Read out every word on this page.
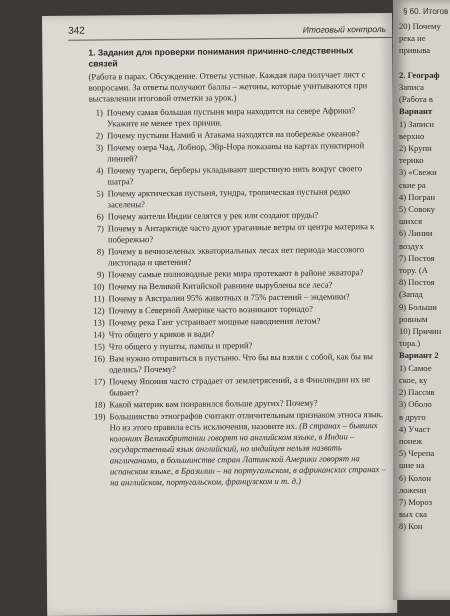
342	Итоговый контроль
1. Задания для проверки понимания причинно-следственных связей
(Работа в парах. Обсуждение. Ответы устные. Каждая пара получает лист с вопросами. За ответы получают баллы – жетоны, которые учитываются при выставлении итоговой отметки за урок.)
1) Почему самая большая пустыня мира находится на севере Африки? Укажите не менее трех причин.
2) Почему пустыни Намиб и Атакама находятся на побережье океанов?
3) Почему озера Чад, Лобнор, Эйр-Нора показаны на картах пунктирной линией?
4) Почему туареги, берберы укладывают шерстяную нить вокруг своего шатра?
5) Почему арктическая пустыня, тундра, тропическая пустыня редко заселены?
6) Почему жители Индии селятся у рек или создают пруды?
7) Почему в Антарктиде часто дуют ураганные ветры от центра материка к побережью?
8) Почему в вечнозеленых экваториальных лесах нет периода массового листопада и цветения?
9) Почему самые полноводные реки мира протекают в районе экватора?
10) Почему на Великой Китайской равнине вырублены все леса?
11) Почему в Австралии 95% животных и 75% растений – эндемики?
12) Почему в Северной Америке часто возникают торнадо?
13) Почему река Ганг устраивает мощные наводнения летом?
14) Что общего у криков и вади?
15) Что общего у пушты, пампы и прерий?
16) Вам нужно отправиться в пустыню. Что бы вы взяли с собой, как бы вы оделись? Почему?
17) Почему Япония часто страдает от землетрясений, а в Финляндии их не бывает?
18) Какой материк вам понравился больше других? Почему?
19) Большинство этнографов считают отличительным признаком этноса язык. Но из этого правила есть исключения, назовите их. (В странах – бывших колониях Великобритании говорят на английском языке, в Индии – государственный язык английский, но индийцев нельзя назвать англичанами, в большинстве стран Латинской Америки говорят на испанском языке, в Бразилии – на португальском, в африканских странах – на английском, португальском, французском и т. д.)
§ 60. Итогов
20) Почему
река не
привыва

2. Географ
Записа
(Работа в
Вариант
1) Записн
верхно
2) Крупн
терико
3) «Свежи
ские ра
4) Погран
5) Совоку
шихся
6) Линии
воздух
7) Постоя
тору. (А
8) Постоя
(Запад
9) Больши
ровным
10) Причин
тора.)
Вариант 2
1) Самое
ское, ку
2) Пассив
3) Оболо
в друго
4) Участ
понеж
5) Черепа
шие на
6) Колон
ложени
7) Мороз
вых ска
8) Кон
